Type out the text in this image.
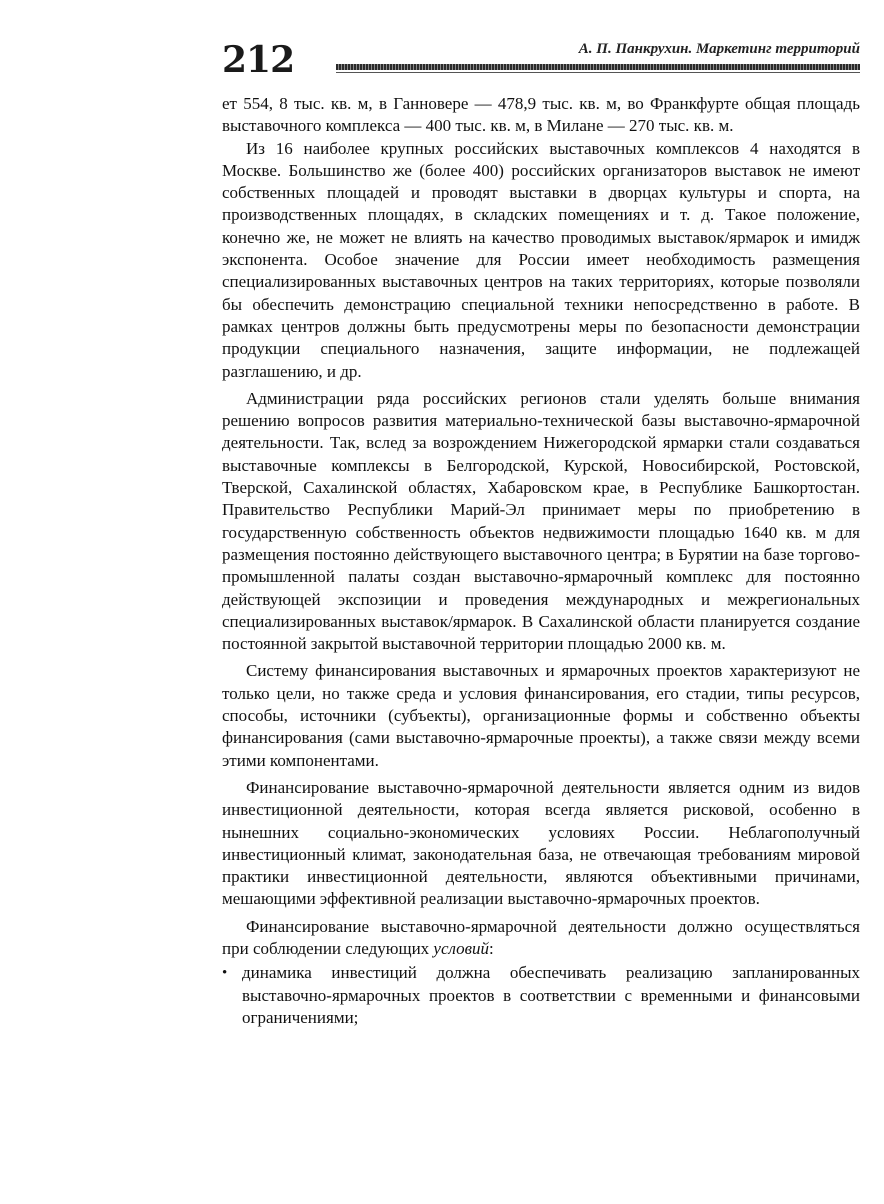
212	А. П. Панкрухин. Маркетинг территорий

ет 554, 8 тыс. кв. м, в Ганновере — 478,9 тыс. кв. м, во Франкфурте общая площадь выставочного комплекса — 400 тыс. кв. м, в Милане — 270 тыс. кв. м.

Из 16 наиболее крупных российских выставочных комплексов 4 находятся в Москве. Большинство же (более 400) российских организаторов выставок не имеют собственных площадей и проводят выставки в дворцах культуры и спорта, на производственных площадях, в складских помещениях и т. д. Такое положение, конечно же, не может не влиять на качество проводимых выставок/ярмарок и имидж экспонента. Особое значение для России имеет необходимость размещения специализированных выставочных центров на таких территориях, которые позволяли бы обеспечить демонстрацию специальной техники непосредственно в работе. В рамках центров должны быть предусмотрены меры по безопасности демонстрации продукции специального назначения, защите информации, не подлежащей разглашению, и др.

Администрации ряда российских регионов стали уделять больше внимания решению вопросов развития материально-технической базы выставочно-ярмарочной деятельности. Так, вслед за возрождением Нижегородской ярмарки стали создаваться выставочные комплексы в Белгородской, Курской, Новосибирской, Ростовской, Тверской, Сахалинской областях, Хабаровском крае, в Республике Башкортостан. Правительство Республики Марий-Эл принимает меры по приобретению в государственную собственность объектов недвижимости площадью 1640 кв. м для размещения постоянно действующего выставочного центра; в Бурятии на базе торгово-промышленной палаты создан выставочно-ярмарочный комплекс для постоянно действующей экспозиции и проведения международных и межрегиональных специализированных выставок/ярмарок. В Сахалинской области планируется создание постоянной закрытой выставочной территории площадью 2000 кв. м.

Систему финансирования выставочных и ярмарочных проектов характеризуют не только цели, но также среда и условия финансирования, его стадии, типы ресурсов, способы, источники (субъекты), организационные формы и собственно объекты финансирования (сами выставочно-ярмарочные проекты), а также связи между всеми этими компонентами.

Финансирование выставочно-ярмарочной деятельности является одним из видов инвестиционной деятельности, которая всегда является рисковой, особенно в нынешних социально-экономических условиях России. Неблагополучный инвестиционный климат, законодательная база, не отвечающая требованиям мировой практики инвестиционной деятельности, являются объективными причинами, мешающими эффективной реализации выставочно-ярмарочных проектов.

Финансирование выставочно-ярмарочной деятельности должно осуществляться при соблюдении следующих условий:

• динамика инвестиций должна обеспечивать реализацию запланированных выставочно-ярмарочных проектов в соответствии с временными и финансовыми ограничениями;
